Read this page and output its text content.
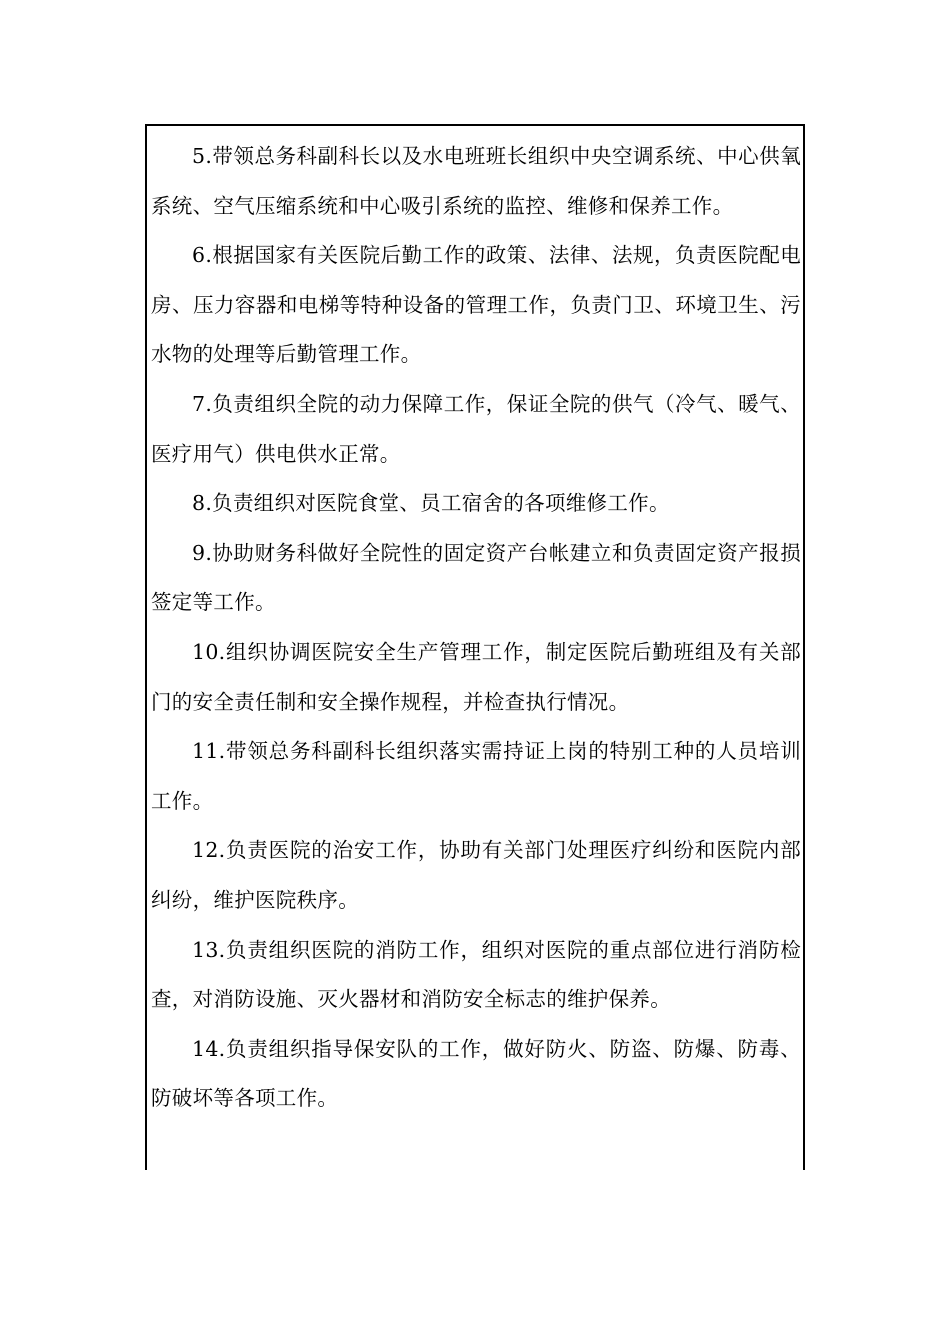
5.带领总务科副科长以及水电班班长组织中央空调系统、中心供氧系统、空气压缩系统和中心吸引系统的监控、维修和保养工作。

6.根据国家有关医院后勤工作的政策、法律、法规，负责医院配电房、压力容器和电梯等特种设备的管理工作，负责门卫、环境卫生、污水物的处理等后勤管理工作。

7.负责组织全院的动力保障工作，保证全院的供气（冷气、暖气、医疗用气）供电供水正常。

8.负责组织对医院食堂、员工宿舍的各项维修工作。

9.协助财务科做好全院性的固定资产台帐建立和负责固定资产报损签定等工作。

10.组织协调医院安全生产管理工作，制定医院后勤班组及有关部门的安全责任制和安全操作规程，并检查执行情况。

11.带领总务科副科长组织落实需持证上岗的特别工种的人员培训工作。

12.负责医院的治安工作，协助有关部门处理医疗纠纷和医院内部纠纷，维护医院秩序。

13.负责组织医院的消防工作，组织对医院的重点部位进行消防检查，对消防设施、灭火器材和消防安全标志的维护保养。

14.负责组织指导保安队的工作，做好防火、防盗、防爆、防毒、防破坏等各项工作。
